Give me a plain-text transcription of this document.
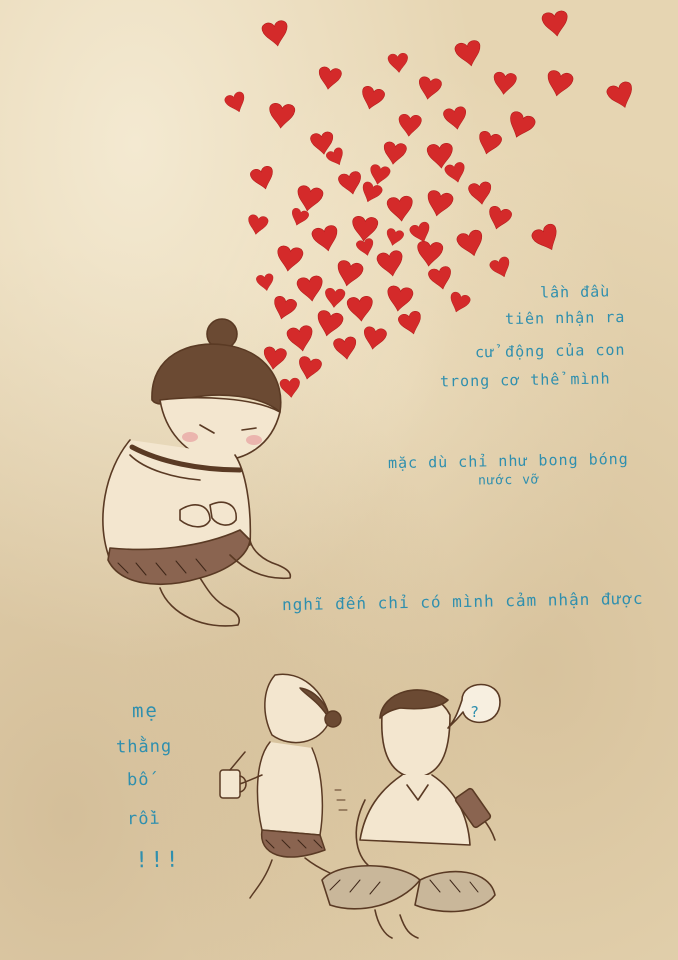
lần đầu
tiên nhận ra
cử động của con
trong cơ thể mình
mặc dù chỉ như bong bóng
nước vỡ
nghĩ đến chỉ có mình cảm nhận được
mẹ
thằng
bố
rồi
!!!
?
